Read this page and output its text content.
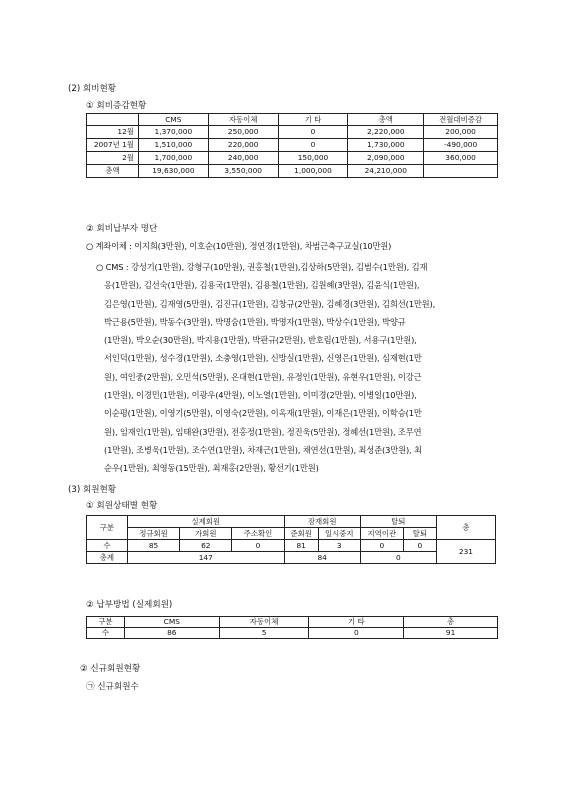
(2) 회비현황
① 회비증감현황
	CMS	자동이체	기 타	총액	전월대비증감
12월	1,370,000	250,000	0	2,220,000	200,000
2007년 1월	1,510,000	220,000	0	1,730,000	-490,000
2월	1,700,000	240,000	150,000	2,090,000	360,000
총액	19,630,000	3,550,000	1,000,000	24,210,000	
② 회비납부자 명단
○ 계좌이체 : 이지희(3만원), 이호순(10만원), 정연경(1만원), 차범근축구교실(10만원)
○ CMS : 강성기(1만원), 강형구(10만원), 권홍철(1만원),김상하(5만원), 김범수(1만원), 김재
옹(1만원), 김선숙(1만원), 김용국(1만원), 김용철(1만원), 김원혜(3만원), 김윤식(1만원),
김은영(1만원), 김재영(5만원), 김진규(1만원), 김창규(2만원), 김혜경(3만원), 김희선(1만원),
박근용(5만원), 박동수(3만원), 박명숨(1만원), 박명자(1만원), 박상수(1만원), 박양규
(1만원), 박오순(30만원), 박지용(1만원), 박판규(2만원), 반호림(1만원), 서용구(1만원),
서인덕(1만원), 성수경(1만원), 소충영(1만원), 신방실(1만원), 신영은(1만원), 심재현(1만
원), 여인중(2만원), 오민석(5만원), 온대현(1만원), 유정인(1만원), 유현우(1만원), 이강근
(1만원), 이경민(1만원), 이광우(4만원), 이노열(1만원), 이미경(2만원), 이병일(10만원),
이순평(1만원), 이영기(5만원), 이영숙(2만원), 이옥재(1만원), 이재은(1만원), 이학승(1만
원), 임재인(1만원), 임태완(3만원), 전홍정(1만원), 정진욱(5만원), 정혜선(1만원), 조무연
(1만원), 조병욱(1만원), 조수연(1만원), 차재근(1만원), 채연선(1만원), 최성준(3만원), 최
순우(1만원), 최영동(15만원), 최재홍(2만원), 황선기(1만원)
(3) 회원현황
① 회원상태별 현황
구분	실제회원			잠재회원		탈퇴		총
	정규회원	가회원	주소확인	준회원	일시중지	지역이관	탈퇴	
수	85	62	0	81	3	0	0	231
총계	147			84		0		
② 납부방법 (실제회원)
구분	CMS	자동이체	기 타	총
수	86	5	0	91
② 신규회원현황
㉠ 신규회원수
